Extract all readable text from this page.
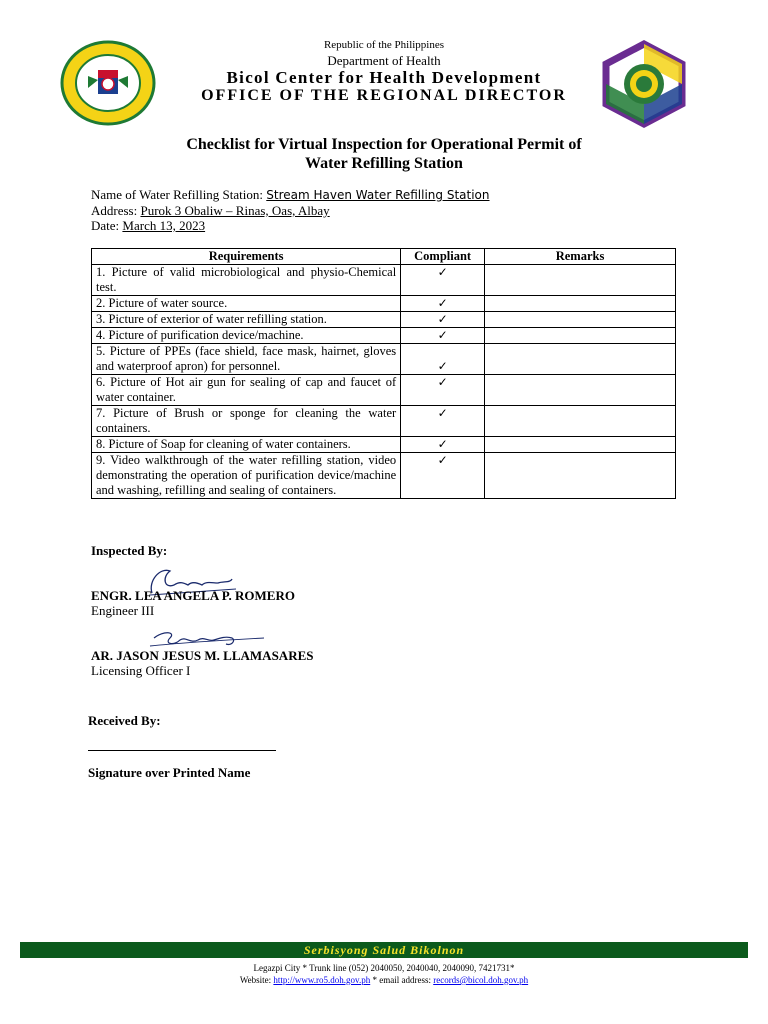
Republic of the Philippines
Department of Health
Bicol Center for Health Development
OFFICE OF THE REGIONAL DIRECTOR
Checklist for Virtual Inspection for Operational Permit of
Water Refilling Station
Name of Water Refilling Station: Stream Haven Water Refilling Station
Address: Purok 3 Obaliw – Rinas, Oas, Albay
Date: March 13, 2023
Requirements	Compliant	Remarks
1. Picture of valid microbiological and physio-Chemical test.	✓	
2. Picture of water source.	✓	
3. Picture of exterior of water refilling station.	✓	
4. Picture of purification device/machine.	✓	
5. Picture of PPEs (face shield, face mask, hairnet, gloves and waterproof apron) for personnel.	✓	
6. Picture of Hot air gun for sealing of cap and faucet of water container.	✓	
7. Picture of Brush or sponge for cleaning the water containers.	✓	
8. Picture of Soap for cleaning of water containers.	✓	
9. Video walkthrough of the water refilling station, video demonstrating the operation of purification device/machine and washing, refilling and sealing of containers.	✓	
Inspected By:
ENGR. LEA ANGELA P. ROMERO
Engineer III
AR. JASON JESUS M. LLAMASARES
Licensing Officer I
Received By:
Signature over Printed Name
Serbisyong Salud Bikolnon
Legazpi City * Trunk line (052) 2040050, 2040040, 2040090, 7421731*
Website: http://www.ro5.doh.gov.ph * email address: records@bicol.doh.gov.ph
